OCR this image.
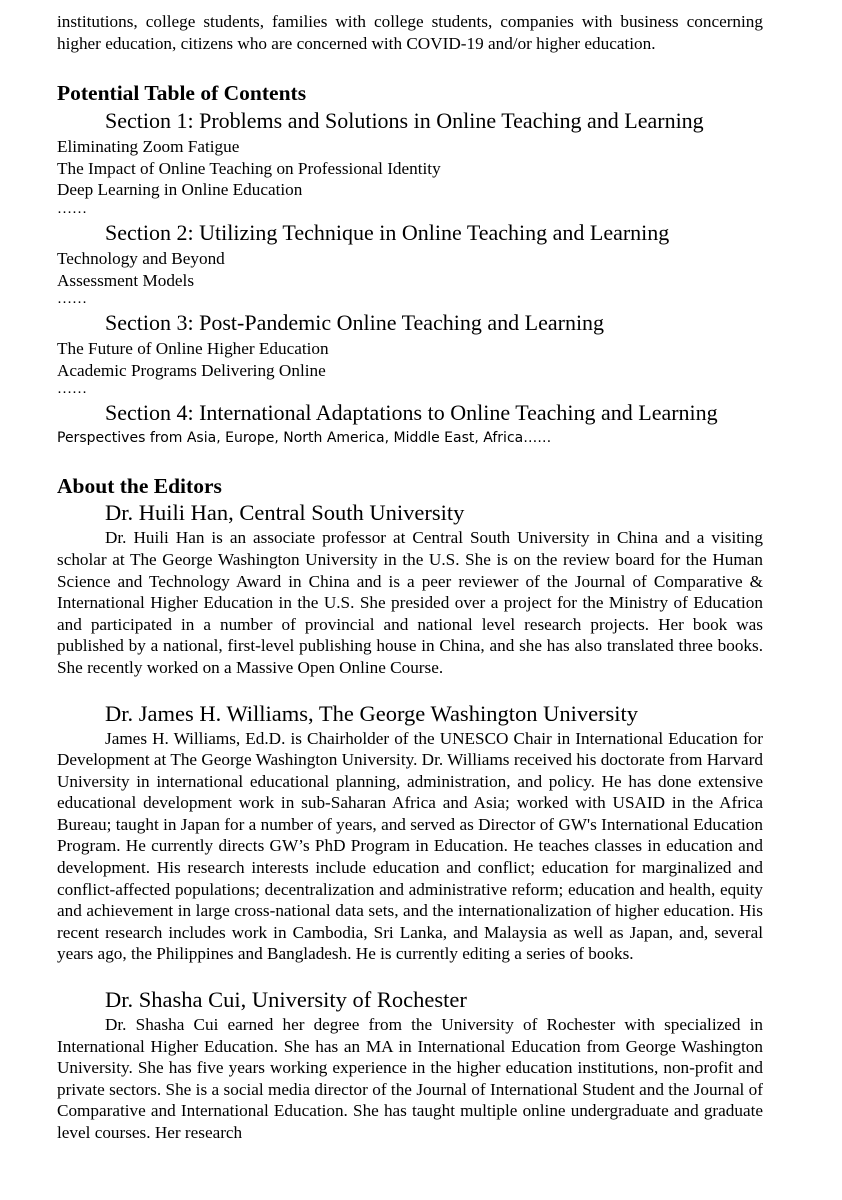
institutions, college students, families with college students, companies with business concerning higher education, citizens who are concerned with COVID-19 and/or higher education.

Potential Table of Contents

Section 1: Problems and Solutions in Online Teaching and Learning

Eliminating Zoom Fatigue

The Impact of Online Teaching on Professional Identity

Deep Learning in Online Education

……

Section 2: Utilizing Technique in Online Teaching and Learning

Technology and Beyond

Assessment Models

……

Section 3: Post-Pandemic Online Teaching and Learning

The Future of Online Higher Education

Academic Programs Delivering Online

……

Section 4: International Adaptations to Online Teaching and Learning

Perspectives from Asia, Europe, North America, Middle East, Africa……

About the Editors

Dr. Huili Han, Central South University

Dr. Huili Han is an associate professor at Central South University in China and a visiting scholar at The George Washington University in the U.S. She is on the review board for the Human Science and Technology Award in China and is a peer reviewer of the Journal of Comparative & International Higher Education in the U.S. She presided over a project for the Ministry of Education and participated in a number of provincial and national level research projects. Her book was published by a national, first-level publishing house in China, and she has also translated three books. She recently worked on a Massive Open Online Course.

Dr. James H. Williams, The George Washington University

James H. Williams, Ed.D. is Chairholder of the UNESCO Chair in International Education for Development at The George Washington University. Dr. Williams received his doctorate from Harvard University in international educational planning, administration, and policy. He has done extensive educational development work in sub-Saharan Africa and Asia; worked with USAID in the Africa Bureau; taught in Japan for a number of years, and served as Director of GW's International Education Program. He currently directs GW’s PhD Program in Education. He teaches classes in education and development. His research interests include education and conflict; education for marginalized and conflict-affected populations; decentralization and administrative reform; education and health, equity and achievement in large cross-national data sets, and the internationalization of higher education. His recent research includes work in Cambodia, Sri Lanka, and Malaysia as well as Japan, and, several years ago, the Philippines and Bangladesh. He is currently editing a series of books.

Dr. Shasha Cui, University of Rochester

Dr. Shasha Cui earned her degree from the University of Rochester with specialized in International Higher Education. She has an MA in International Education from George Washington University. She has five years working experience in the higher education institutions, non-profit and private sectors. She is a social media director of the Journal of International Student and the Journal of Comparative and International Education. She has taught multiple online undergraduate and graduate level courses. Her research
